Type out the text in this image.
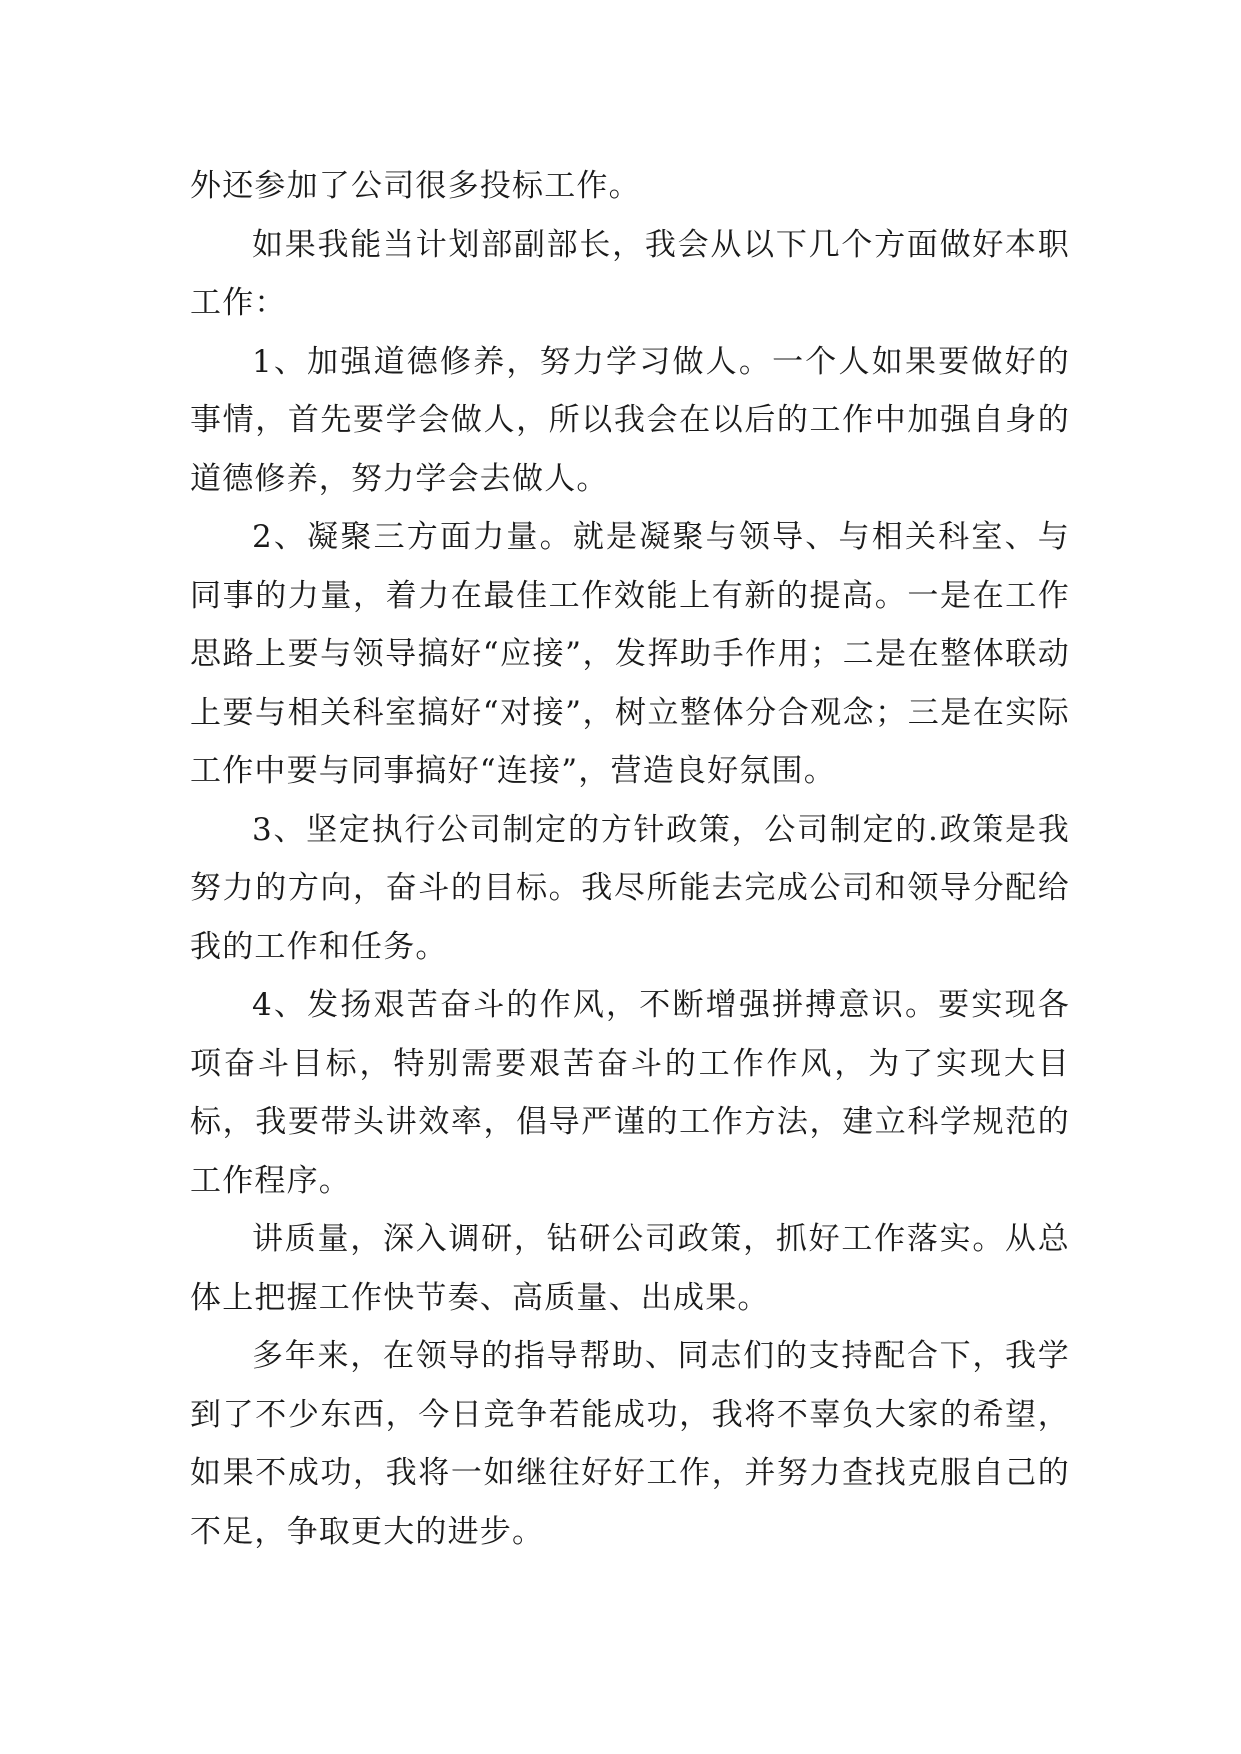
外还参加了公司很多投标工作。

如果我能当计划部副部长，我会从以下几个方面做好本职工作：

1、加强道德修养，努力学习做人。一个人如果要做好的事情，首先要学会做人，所以我会在以后的工作中加强自身的道德修养，努力学会去做人。

2、凝聚三方面力量。就是凝聚与领导、与相关科室、与同事的力量，着力在最佳工作效能上有新的提高。一是在工作思路上要与领导搞好“应接”，发挥助手作用；二是在整体联动上要与相关科室搞好“对接”，树立整体分合观念；三是在实际工作中要与同事搞好“连接”，营造良好氛围。

3、坚定执行公司制定的方针政策，公司制定的.政策是我努力的方向，奋斗的目标。我尽所能去完成公司和领导分配给我的工作和任务。

4、发扬艰苦奋斗的作风，不断增强拼搏意识。要实现各项奋斗目标，特别需要艰苦奋斗的工作作风，为了实现大目标，我要带头讲效率，倡导严谨的工作方法，建立科学规范的工作程序。

讲质量，深入调研，钻研公司政策，抓好工作落实。从总体上把握工作快节奏、高质量、出成果。

多年来，在领导的指导帮助、同志们的支持配合下，我学到了不少东西，今日竞争若能成功，我将不辜负大家的希望，如果不成功，我将一如继往好好工作，并努力查找克服自己的不足，争取更大的进步。
